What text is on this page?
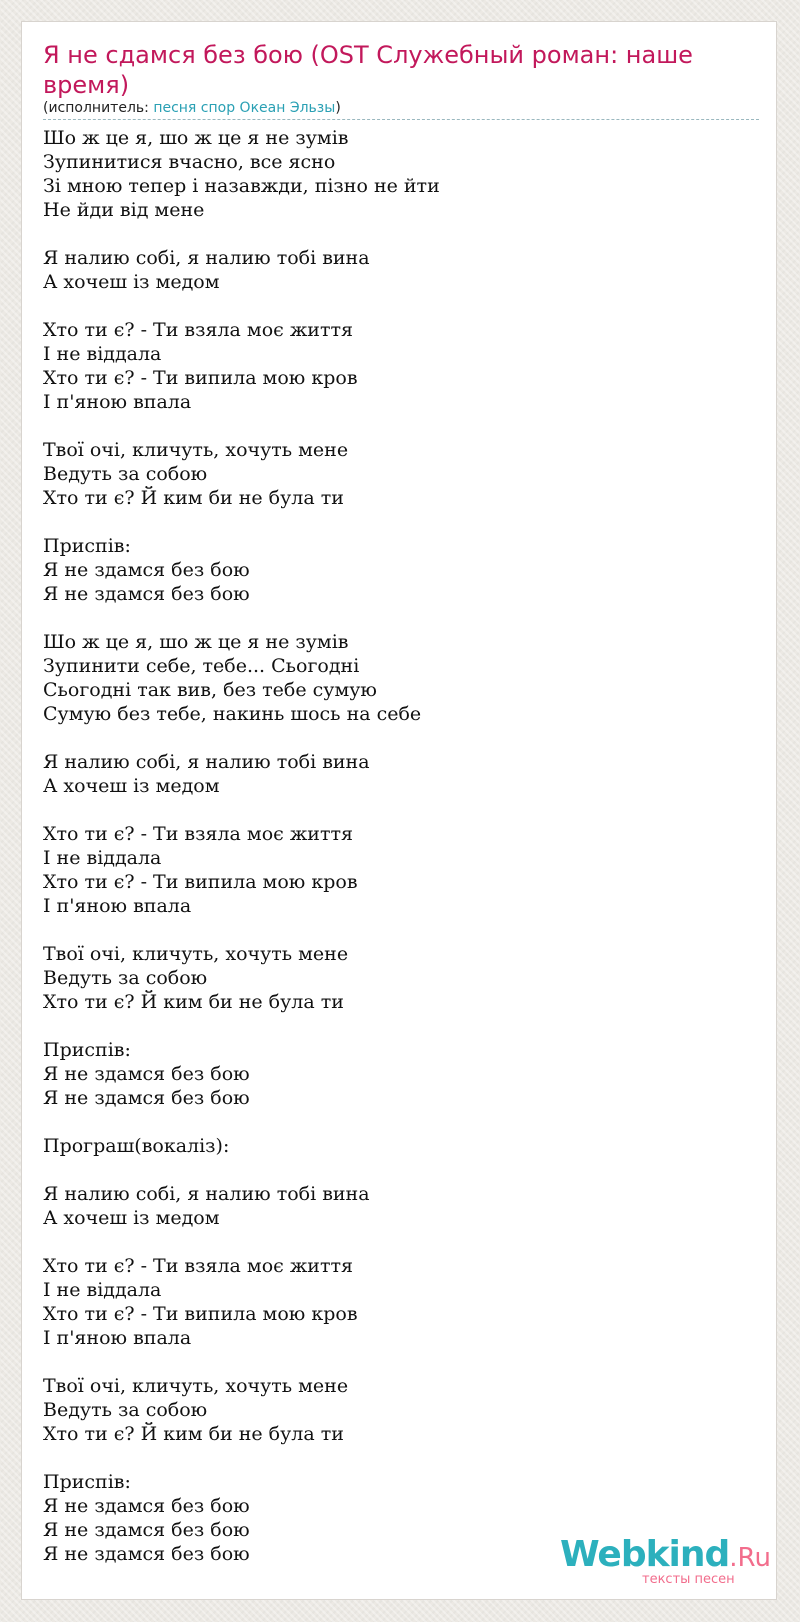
Я не сдамся без бою (OST Служебный роман: наше время)
(исполнитель: песня спор Океан Эльзы)
Шо ж це я, шо ж це я не зумів
Зупинитися вчасно, все ясно
Зі мною тепер і назавжди, пізно не йти
Не йди від мене

Я налию собі, я налию тобі вина
А хочеш із медом

Хто ти є? - Ти взяла моє життя
І не віддала
Хто ти є? - Ти випила мою кров
І п'яною впала

Твої очі, кличуть, хочуть мене
Ведуть за собою
Хто ти є? Й ким би не була ти

Приспів:
Я не здамся без бою
Я не здамся без бою

Шо ж це я, шо ж це я не зумів
Зупинити себе, тебе... Сьогодні
Сьогодні так вив, без тебе сумую
Сумую без тебе, накинь шось на себе

Я налию собі, я налию тобі вина
А хочеш із медом

Хто ти є? - Ти взяла моє життя
І не віддала
Хто ти є? - Ти випила мою кров
І п'яною впала

Твої очі, кличуть, хочуть мене
Ведуть за собою
Хто ти є? Й ким би не була ти

Приспів:
Я не здамся без бою
Я не здамся без бою

Програш(вокаліз):

Я налию собі, я налию тобі вина
А хочеш із медом

Хто ти є? - Ти взяла моє життя
І не віддала
Хто ти є? - Ти випила мою кров
І п'яною впала

Твої очі, кличуть, хочуть мене
Ведуть за собою
Хто ти є? Й ким би не була ти

Приспів:
Я не здамся без бою
Я не здамся без бою
Я не здамся без бою	Webkind.Ru
тексты песен
